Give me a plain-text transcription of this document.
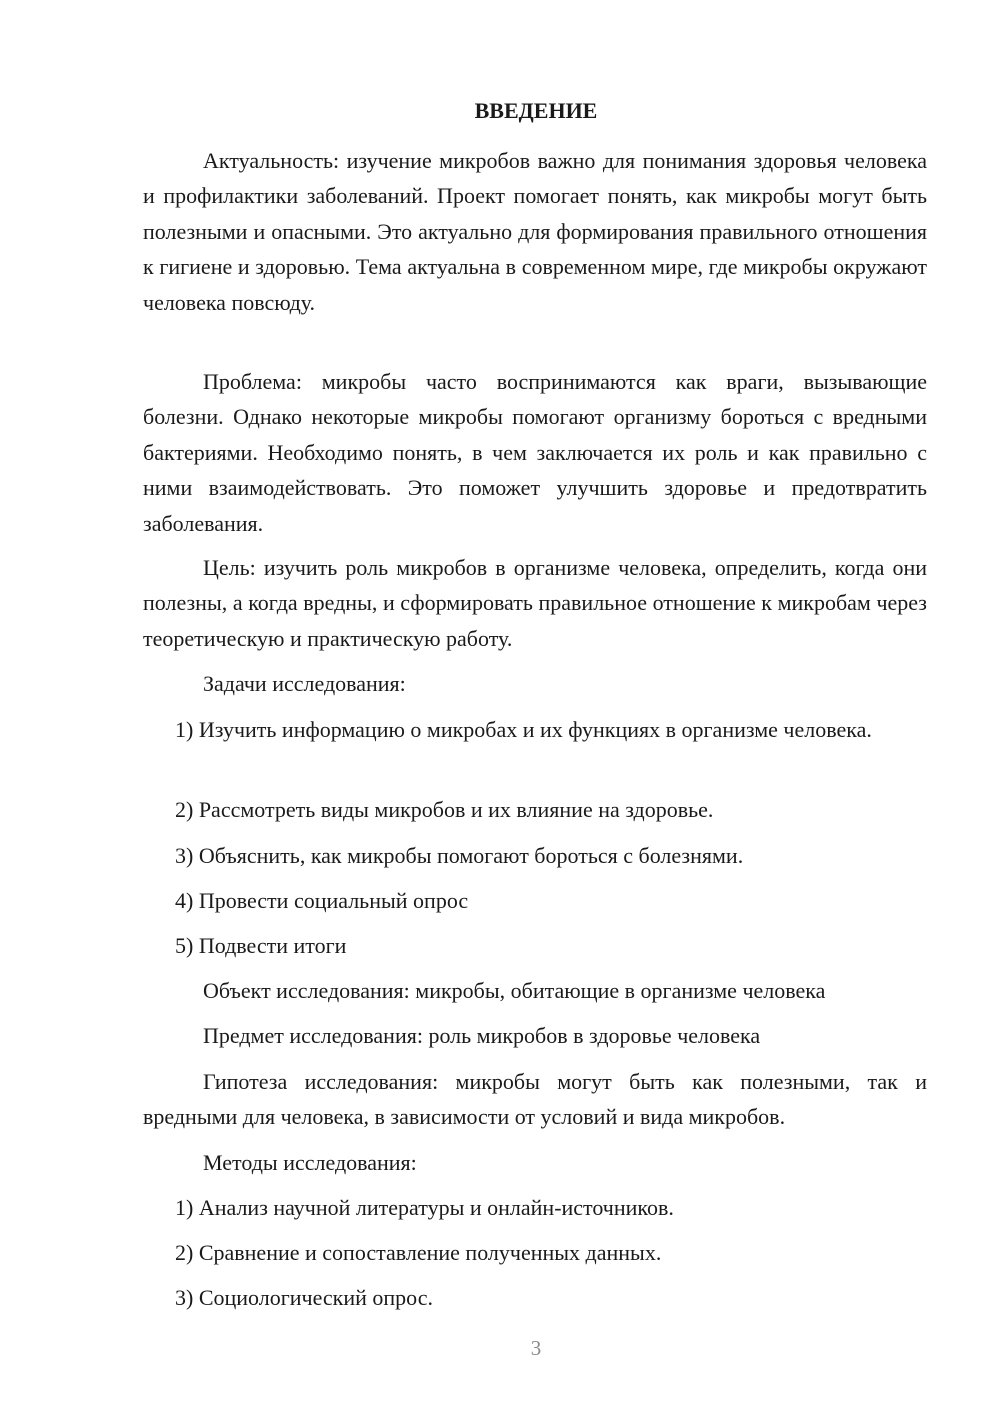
ВВЕДЕНИЕ

Актуальность: изучение микробов важно для понимания здоровья человека и профилактики заболеваний. Проект помогает понять, как микробы могут быть полезными и опасными. Это актуально для формирования правильного отношения к гигиене и здоровью. Тема актуальна в современном мире, где микробы окружают человека повсюду.

Проблема: микробы часто воспринимаются как враги, вызывающие болезни. Однако некоторые микробы помогают организму бороться с вредными бактериями. Необходимо понять, в чем заключается их роль и как правильно с ними взаимодействовать. Это поможет улучшить здоровье и предотвратить заболевания.

Цель: изучить роль микробов в организме человека, определить, когда они полезны, а когда вредны, и сформировать правильное отношение к микробам через теоретическую и практическую работу.

Задачи исследования:

1) Изучить информацию о микробах и их функциях в организме человека.

2) Рассмотреть виды микробов и их влияние на здоровье.
3) Объяснить, как микробы помогают бороться с болезнями.
4) Провести социальный опрос
5) Подвести итоги
Объект исследования: микробы, обитающие в организме человека
Предмет исследования: роль микробов в здоровье человека

Гипотеза исследования: микробы могут быть как полезными, так и вредными для человека, в зависимости от условий и вида микробов.

Методы исследования:
1) Анализ научной литературы и онлайн-источников.
2) Сравнение и сопоставление полученных данных.
3) Социологический опрос.
3
